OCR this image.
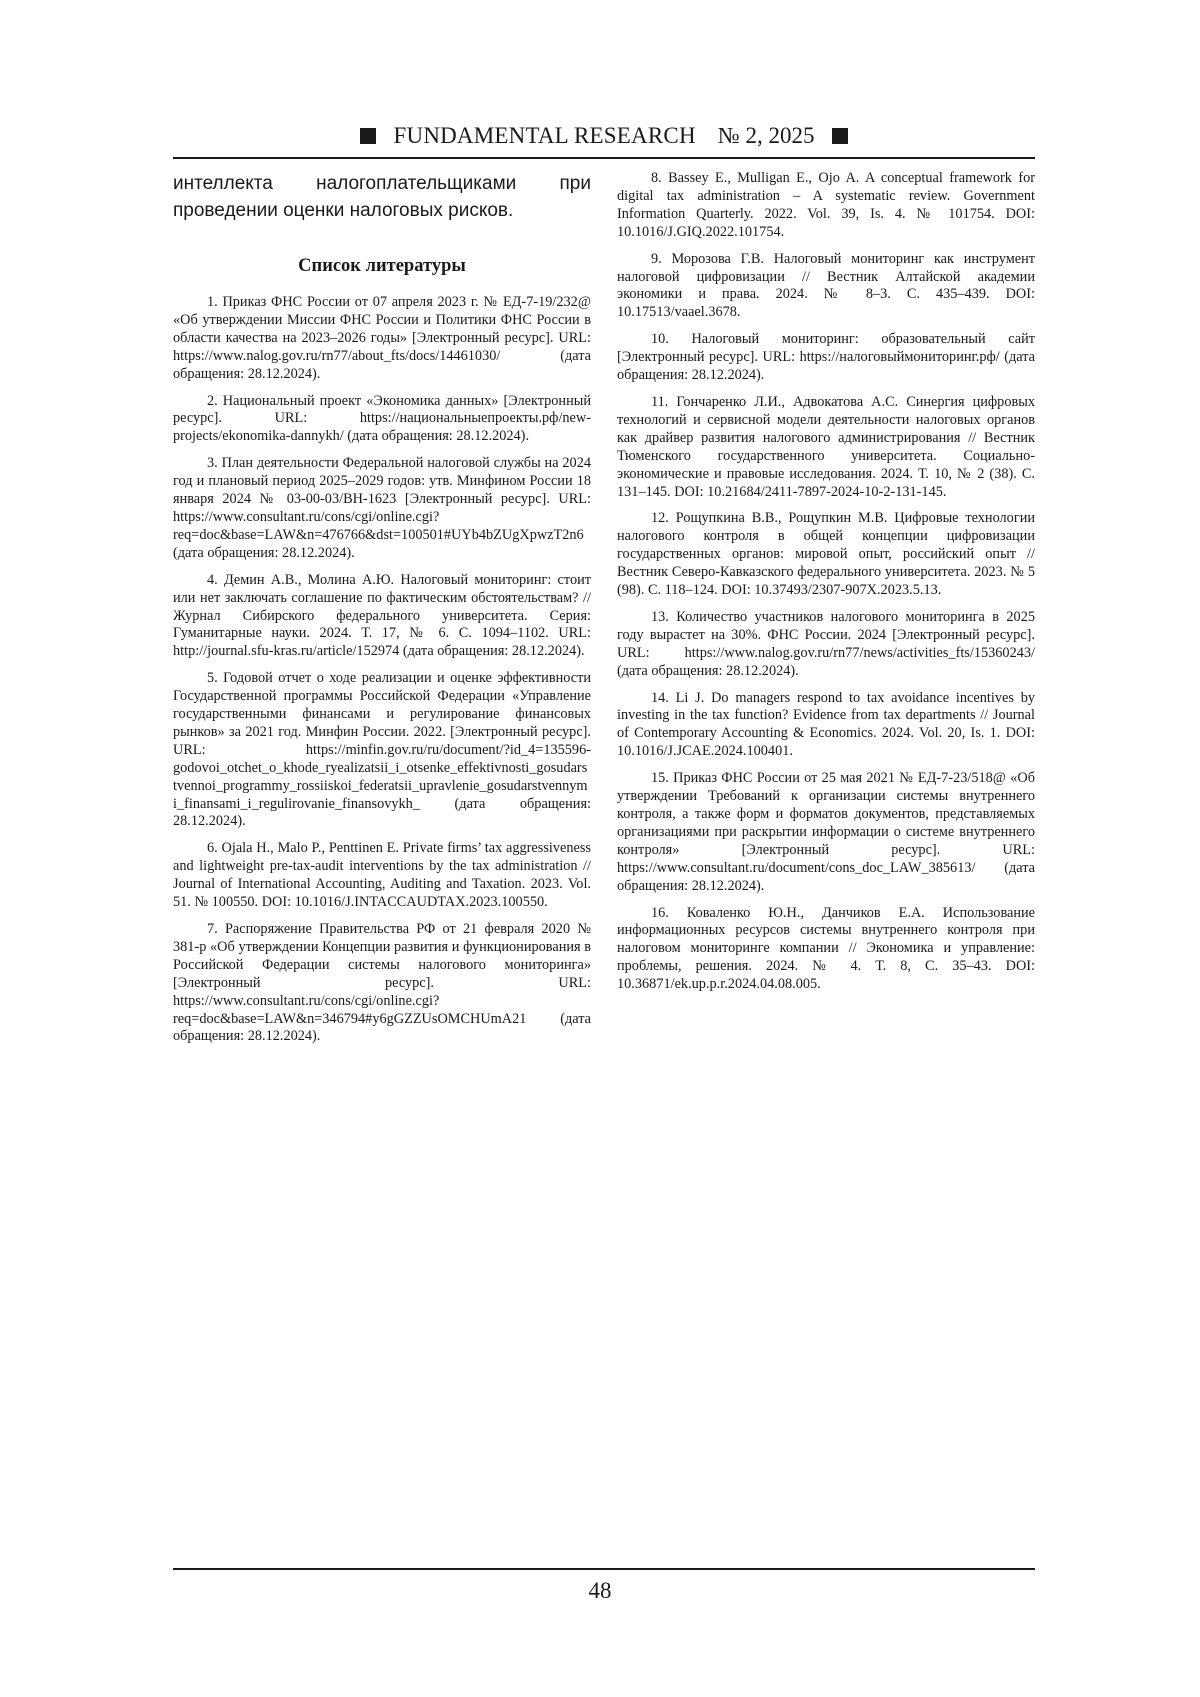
FUNDAMENTAL RESEARCH № 2, 2025

интеллекта налогоплательщиками при проведении оценки налоговых рисков.

Список литературы

1. Приказ ФНС России от 07 апреля 2023 г. № ЕД-7-19/232@ «Об утверждении Миссии ФНС России и Политики ФНС России в области качества на 2023–2026 годы» [Электронный ресурс]. URL: https://www.nalog.gov.ru/rn77/about_fts/docs/14461030/ (дата обращения: 28.12.2024).

2. Национальный проект «Экономика данных» [Электронный ресурс]. URL: https://национальныепроекты.рф/new-projects/ekonomika-dannykh/ (дата обращения: 28.12.2024).

3. План деятельности Федеральной налоговой службы на 2024 год и плановый период 2025–2029 годов: утв. Минфином России 18 января 2024 № 03-00-03/ВН-1623 [Электронный ресурс]. URL: https://www.consultant.ru/cons/cgi/online.cgi?req=doc&base=LAW&n=476766&dst=100501#UYb4bZUgXpwzT2n6 (дата обращения: 28.12.2024).

4. Демин А.В., Молина А.Ю. Налоговый мониторинг: стоит или нет заключать соглашение по фактическим обстоятельствам? // Журнал Сибирского федерального университета. Серия: Гуманитарные науки. 2024. Т. 17, № 6. С. 1094–1102. URL: http://journal.sfu-kras.ru/article/152974 (дата обращения: 28.12.2024).

5. Годовой отчет о ходе реализации и оценке эффективности Государственной программы Российской Федерации «Управление государственными финансами и регулирование финансовых рынков» за 2021 год. Минфин России. 2022. [Электронный ресурс]. URL: https://minfin.gov.ru/ru/document/?id_4=135596-godovoi_otchet_o_khode_ryealizatsii_i_otsenke_effektivnosti_gosudarstvennoi_programmy_rossiiskoi_federatsii_upravlenie_gosudarstvennymi_finansami_i_regulirovanie_finansovykh_ (дата обращения: 28.12.2024).

6. Ojala H., Malo P., Penttinen E. Private firms’ tax aggressiveness and lightweight pre-tax-audit interventions by the tax administration // Journal of International Accounting, Auditing and Taxation. 2023. Vol. 51. № 100550. DOI: 10.1016/J.INTACCAUDTAX.2023.100550.

7. Распоряжение Правительства РФ от 21 февраля 2020 № 381-р «Об утверждении Концепции развития и функционирования в Российской Федерации системы налогового мониторинга» [Электронный ресурс]. URL: https://www.consultant.ru/cons/cgi/online.cgi?req=doc&base=LAW&n=346794#y6gGZZUsOMCHUmA21 (дата обращения: 28.12.2024).

8. Bassey E., Mulligan E., Ojo A. A conceptual framework for digital tax administration – A systematic review. Government Information Quarterly. 2022. Vol. 39, Is. 4. № 101754. DOI: 10.1016/J.GIQ.2022.101754.

9. Морозова Г.В. Налоговый мониторинг как инструмент налоговой цифровизации // Вестник Алтайской академии экономики и права. 2024. № 8–3. С. 435–439. DOI: 10.17513/vaael.3678.

10. Налоговый мониторинг: образовательный сайт [Электронный ресурс]. URL: https://налоговыймониторинг.рф/ (дата обращения: 28.12.2024).

11. Гончаренко Л.И., Адвокатова А.С. Синергия цифровых технологий и сервисной модели деятельности налоговых органов как драйвер развития налогового администрирования // Вестник Тюменского государственного университета. Социально-экономические и правовые исследования. 2024. Т. 10, № 2 (38). С. 131–145. DOI: 10.21684/2411-7897-2024-10-2-131-145.

12. Рощупкина В.В., Рощупкин М.В. Цифровые технологии налогового контроля в общей концепции цифровизации государственных органов: мировой опыт, российский опыт // Вестник Северо-Кавказского федерального университета. 2023. № 5 (98). С. 118–124. DOI: 10.37493/2307-907X.2023.5.13.

13. Количество участников налогового мониторинга в 2025 году вырастет на 30%. ФНС России. 2024 [Электронный ресурс]. URL: https://www.nalog.gov.ru/rn77/news/activities_fts/15360243/ (дата обращения: 28.12.2024).

14. Li J. Do managers respond to tax avoidance incentives by investing in the tax function? Evidence from tax departments // Journal of Contemporary Accounting & Economics. 2024. Vol. 20, Is. 1. DOI: 10.1016/J.JCAE.2024.100401.

15. Приказ ФНС России от 25 мая 2021 № ЕД-7-23/518@ «Об утверждении Требований к организации системы внутреннего контроля, а также форм и форматов документов, представляемых организациями при раскрытии информации о системе внутреннего контроля» [Электронный ресурс]. URL: https://www.consultant.ru/document/cons_doc_LAW_385613/ (дата обращения: 28.12.2024).

16. Коваленко Ю.Н., Данчиков Е.А. Использование информационных ресурсов системы внутреннего контроля при налоговом мониторинге компании // Экономика и управление: проблемы, решения. 2024. № 4. Т. 8, С. 35–43. DOI: 10.36871/ek.up.p.r.2024.04.08.005.

48
